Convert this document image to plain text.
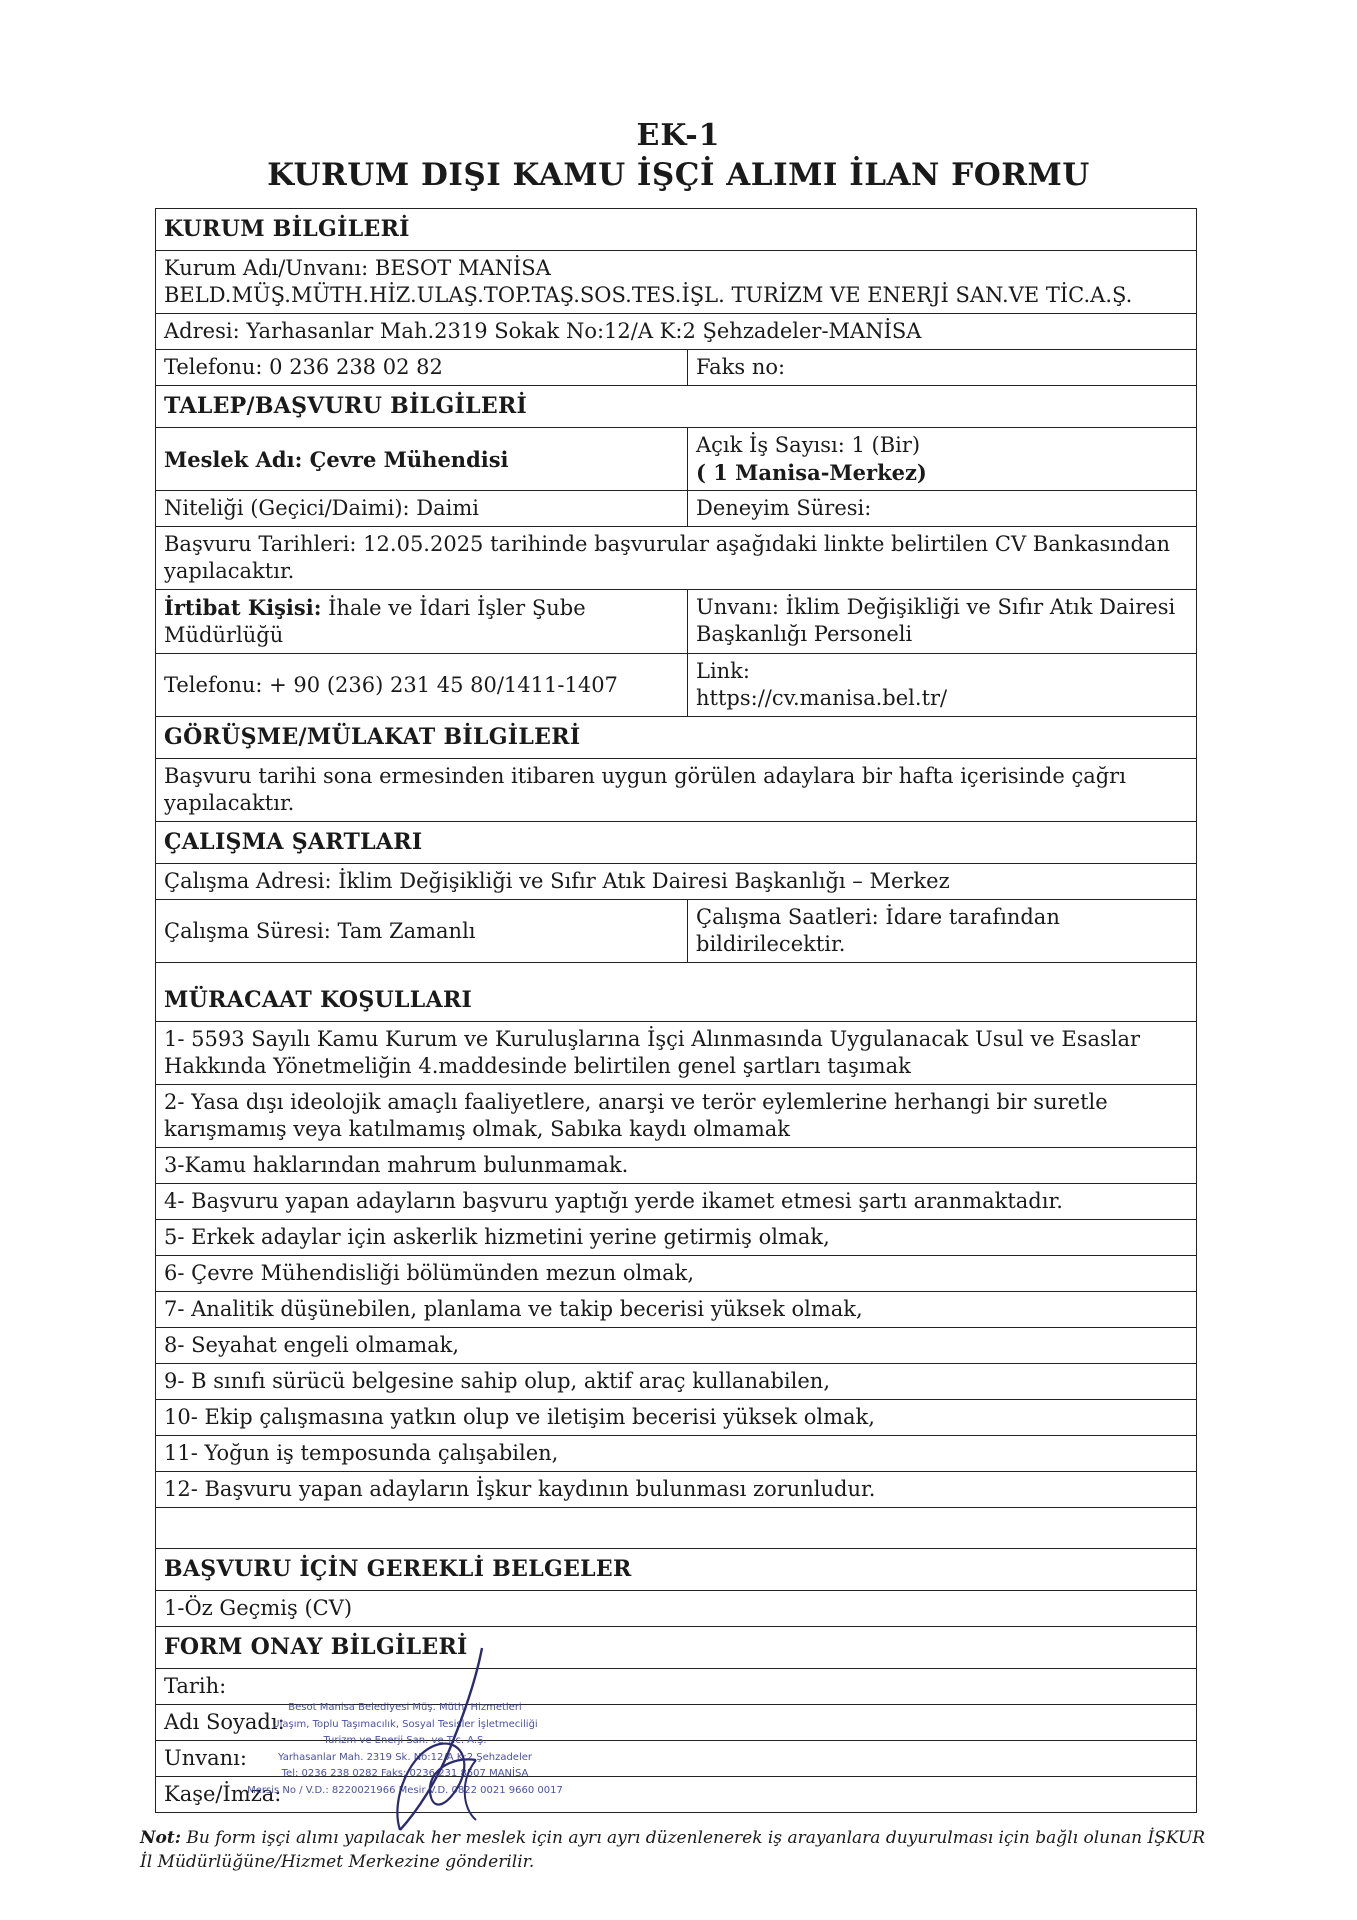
EK-1
KURUM DIŞI KAMU İŞÇİ ALIMI İLAN FORMU
KURUM BİLGİLERİ
Kurum Adı/Unvanı: BESOT MANİSA
BELD.MÜŞ.MÜTH.HİZ.ULAŞ.TOP.TAŞ.SOS.TES.İŞL. TURİZM VE ENERJİ SAN.VE TİC.A.Ş.
Adresi: Yarhasanlar Mah.2319 Sokak No:12/A K:2 Şehzadeler-MANİSA
Telefonu: 0 236 238 02 82	Faks no:
TALEP/BAŞVURU BİLGİLERİ
Meslek Adı: Çevre Mühendisi
Açık İş Sayısı: 1 (Bir)
( 1 Manisa-Merkez)
Niteliği (Geçici/Daimi): Daimi	Deneyim Süresi:
Başvuru Tarihleri: 12.05.2025 tarihinde başvurular aşağıdaki linkte belirtilen CV Bankasından yapılacaktır.
İrtibat Kişisi: İhale ve İdari İşler Şube Müdürlüğü
Unvanı: İklim Değişikliği ve Sıfır Atık Dairesi Başkanlığı Personeli
Telefonu: + 90 (236) 231 45 80/1411-1407
Link:
https://cv.manisa.bel.tr/
GÖRÜŞME/MÜLAKAT BİLGİLERİ
Başvuru tarihi sona ermesinden itibaren uygun görülen adaylara bir hafta içerisinde çağrı yapılacaktır.
ÇALIŞMA ŞARTLARI
Çalışma Adresi: İklim Değişikliği ve Sıfır Atık Dairesi Başkanlığı – Merkez
Çalışma Süresi: Tam Zamanlı
Çalışma Saatleri: İdare tarafından bildirilecektir.
MÜRACAAT KOŞULLARI
1- 5593 Sayılı Kamu Kurum ve Kuruluşlarına İşçi Alınmasında Uygulanacak Usul ve Esaslar Hakkında Yönetmeliğin 4.maddesinde belirtilen genel şartları taşımak
2- Yasa dışı ideolojik amaçlı faaliyetlere, anarşi ve terör eylemlerine herhangi bir suretle karışmamış veya katılmamış olmak, Sabıka kaydı olmamak
3-Kamu haklarından mahrum bulunmamak.
4- Başvuru yapan adayların başvuru yaptığı yerde ikamet etmesi şartı aranmaktadır.
5- Erkek adaylar için askerlik hizmetini yerine getirmiş olmak,
6- Çevre Mühendisliği bölümünden mezun olmak,
7- Analitik düşünebilen, planlama ve takip becerisi yüksek olmak,
8- Seyahat engeli olmamak,
9- B sınıfı sürücü belgesine sahip olup, aktif araç kullanabilen,
10- Ekip çalışmasına yatkın olup ve iletişim becerisi yüksek olmak,
11- Yoğun iş temposunda çalışabilen,
12- Başvuru yapan adayların İşkur kaydının bulunması zorunludur.
BAŞVURU İÇİN GEREKLİ BELGELER
1-Öz Geçmiş (CV)
FORM ONAY BİLGİLERİ
Tarih:
Adı Soyadı:
Unvanı:
Kaşe/İmza:
Besot Manisa Belediyesi Müş. Müth. Hizmetleri
Ulaşım, Toplu Taşımacılık, Sosyal Tesisler İşletmeciliği
Turizm ve Enerji San. ve Tic. A.Ş.
Yarhasanlar Mah. 2319 Sk. No:12/A K:2 Şehzadeler
Tel: 0236 238 0282 Faks: 0236 231 8507 MANİSA
Mersis No / V.D.: 8220021966 Mesir V.D. 0822 0021 9660 0017
Not: Bu form işçi alımı yapılacak her meslek için ayrı ayrı düzenlenerek iş arayanlara duyurulması için bağlı olunan İŞKUR İl Müdürlüğüne/Hizmet Merkezine gönderilir.
